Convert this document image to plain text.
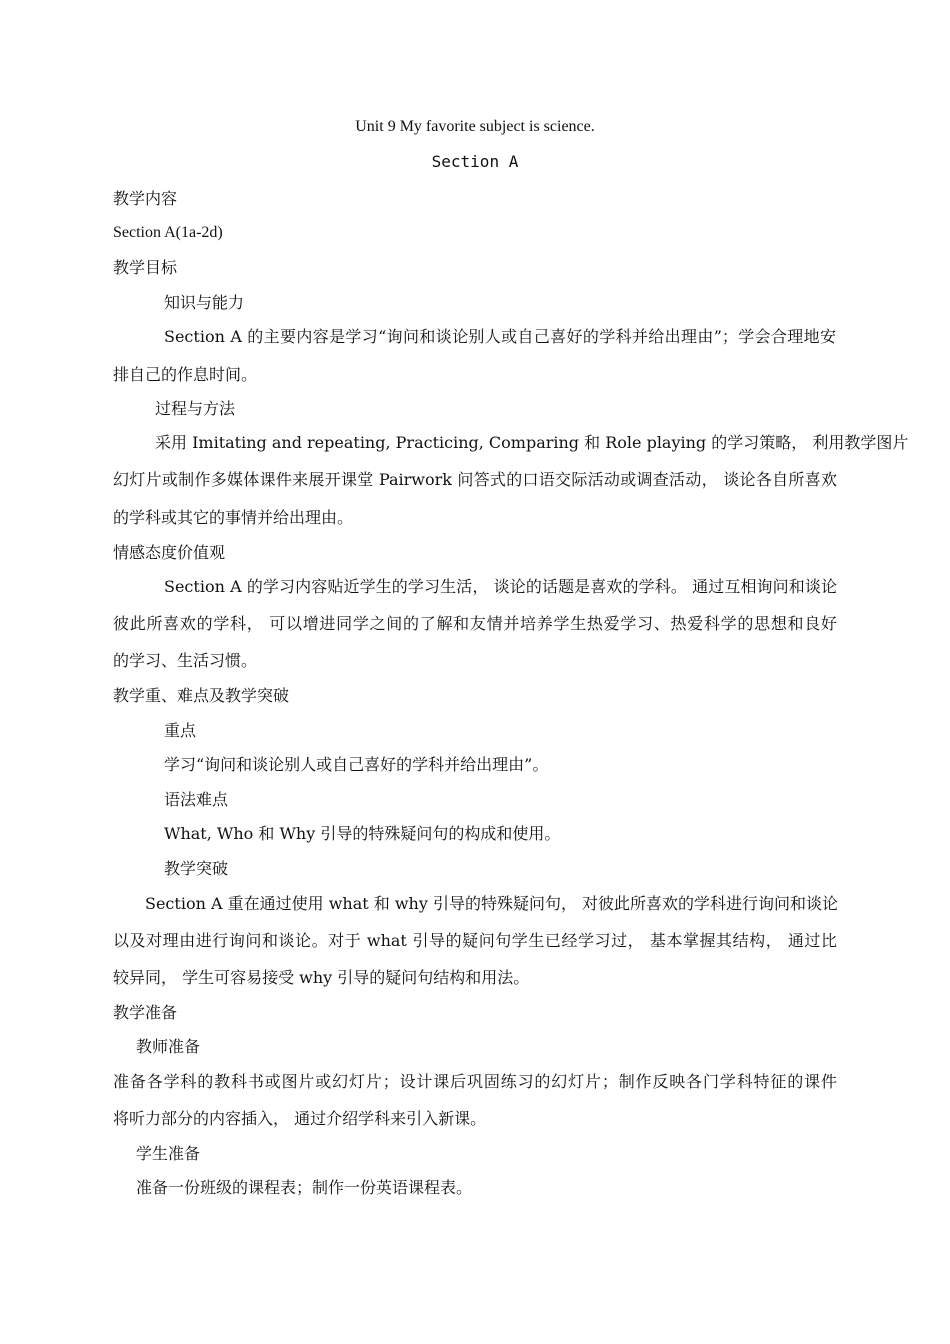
Unit 9 My favorite subject is science.
Section A
教学内容
Section A(1a-2d)
教学目标
知识与能力
Section A 的主要内容是学习“询问和谈论别人或自己喜好的学科并给出理由”；学会合理地安
排自己的作息时间。
过程与方法
采用 Imitating and repeating, Practicing, Comparing 和 Role playing 的学习策略， 利用教学图片
幻灯片或制作多媒体课件来展开课堂 Pairwork 问答式的口语交际活动或调查活动， 谈论各自所喜欢
的学科或其它的事情并给出理由。
情感态度价值观
Section A 的学习内容贴近学生的学习生活， 谈论的话题是喜欢的学科。 通过互相询问和谈论
彼此所喜欢的学科， 可以增进同学之间的了解和友情并培养学生热爱学习、热爱科学的思想和良好
的学习、生活习惯。
教学重、难点及教学突破
重点
学习“询问和谈论别人或自己喜好的学科并给出理由”。
语法难点
What, Who 和 Why 引导的特殊疑问句的构成和使用。
教学突破
Section A 重在通过使用 what 和 why 引导的特殊疑问句， 对彼此所喜欢的学科进行询问和谈论
以及对理由进行询问和谈论。对于 what 引导的疑问句学生已经学习过， 基本掌握其结构， 通过比
较异同， 学生可容易接受 why 引导的疑问句结构和用法。
教学准备
教师准备
准备各学科的教科书或图片或幻灯片；设计课后巩固练习的幻灯片；制作反映各门学科特征的课件
将听力部分的内容插入， 通过介绍学科来引入新课。
学生准备
准备一份班级的课程表；制作一份英语课程表。
